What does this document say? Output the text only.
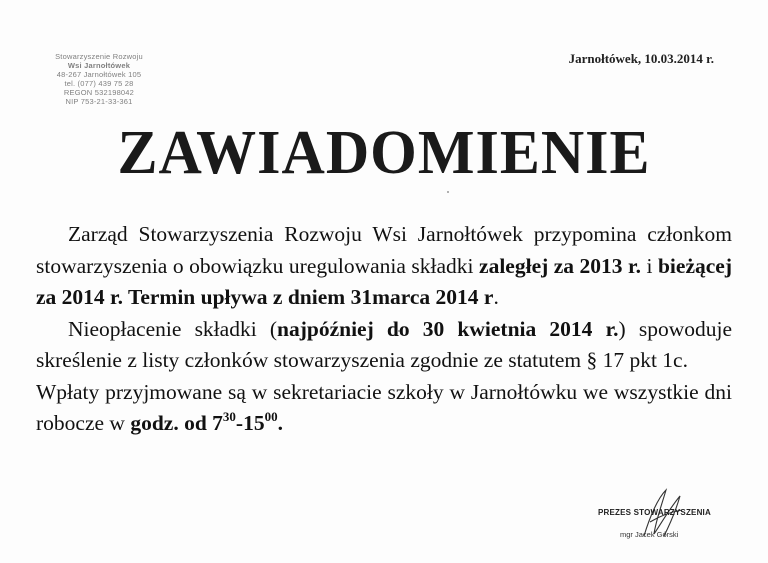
Stowarzyszenie Rozwoju
Wsi Jarnołtówek
48-267 Jarnołtówek 105
tel. (077) 439 75 28
REGON 532198042
NIP 753-21-33-361
Jarnołtówek, 10.03.2014 r.
ZAWIADOMIENIE

Zarząd Stowarzyszenia Rozwoju Wsi Jarnołtówek przypomina członkom stowarzyszenia o obowiązku uregulowania składki zaległej za 2013 r. i bieżącej za 2014 r. Termin upływa z dniem 31marca 2014 r.

Nieopłacenie składki (najpóźniej do 30 kwietnia 2014 r.) spowoduje skreślenie z listy członków stowarzyszenia zgodnie ze statutem § 17 pkt 1c.

Wpłaty przyjmowane są w sekretariacie szkoły w Jarnołtówku we wszystkie dni robocze w godz. od $7^{30}-15^{00}$.

PREZES STOWARZYSZENIA
mgr Jacek Górski
